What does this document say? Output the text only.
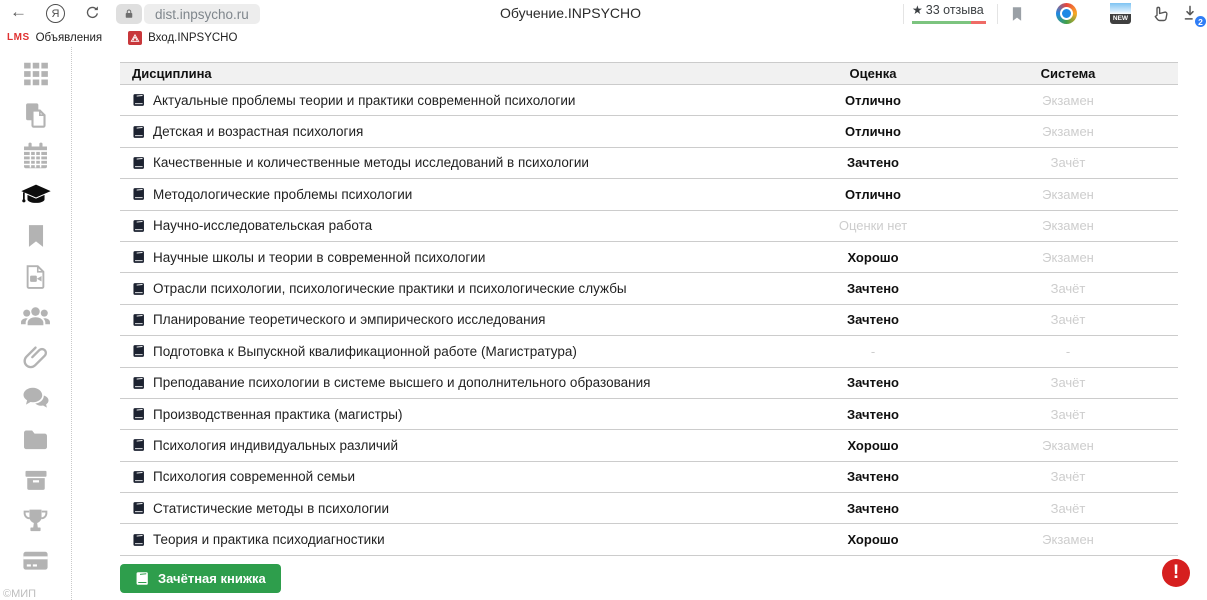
←	Я	dist.inpsycho.ru	Обучение.INPSYCHO	★ 33 отзыва
NEW	2
LMS Объявления	Вход.INPSYCHO
©МИП
Дисциплина	Оценка	Система
Актуальные проблемы теории и практики современной психологии	Отлично	Экзамен
Детская и возрастная психология	Отлично	Экзамен
Качественные и количественные методы исследований в психологии	Зачтено	Зачёт
Методологические проблемы психологии	Отлично	Экзамен
Научно-исследовательская работа	Оценки нет	Экзамен
Научные школы и теории в современной психологии	Хорошо	Экзамен
Отрасли психологии, психологические практики и психологические службы	Зачтено	Зачёт
Планирование теоретического и эмпирического исследования	Зачтено	Зачёт
Подготовка к Выпускной квалификационной работе (Магистратура)	-	-
Преподавание психологии в системе высшего и дополнительного образования	Зачтено	Зачёт
Производственная практика (магистры)	Зачтено	Зачёт
Психология индивидуальных различий	Хорошо	Экзамен
Психология современной семьи	Зачтено	Зачёт
Статистические методы в психологии	Зачтено	Зачёт
Теория и практика психодиагностики	Хорошо	Экзамен
Зачётная книжка	!
